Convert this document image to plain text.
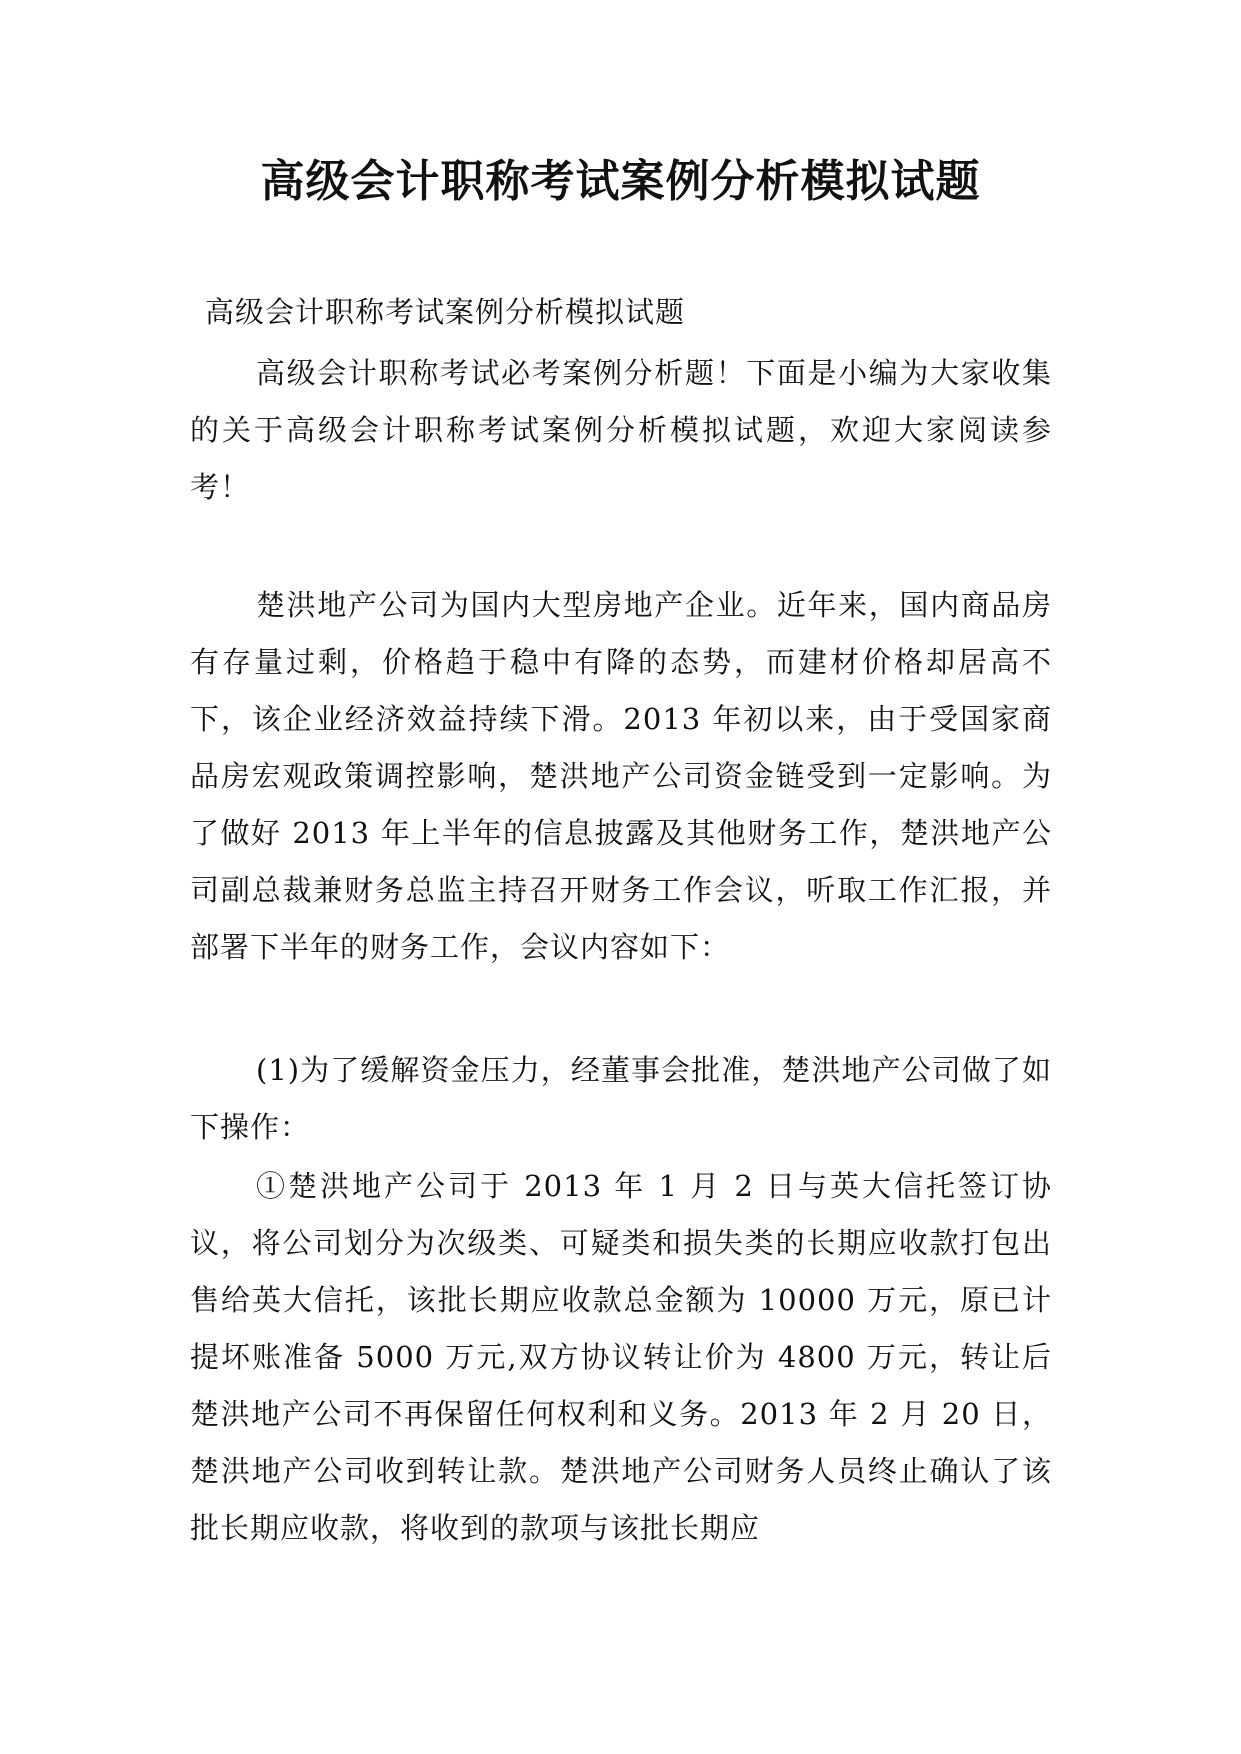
高级会计职称考试案例分析模拟试题

高级会计职称考试案例分析模拟试题

高级会计职称考试必考案例分析题！下面是小编为大家收集的关于高级会计职称考试案例分析模拟试题，欢迎大家阅读参考！

楚洪地产公司为国内大型房地产企业。近年来，国内商品房有存量过剩，价格趋于稳中有降的态势，而建材价格却居高不下，该企业经济效益持续下滑。2013 年初以来，由于受国家商品房宏观政策调控影响，楚洪地产公司资金链受到一定影响。为了做好 2013 年上半年的信息披露及其他财务工作，楚洪地产公司副总裁兼财务总监主持召开财务工作会议，听取工作汇报，并部署下半年的财务工作，会议内容如下：

(1)为了缓解资金压力，经董事会批准，楚洪地产公司做了如下操作：

①楚洪地产公司于 2013 年 1 月 2 日与英大信托签订协议，将公司划分为次级类、可疑类和损失类的长期应收款打包出售给英大信托，该批长期应收款总金额为 10000 万元，原已计提坏账准备 5000 万元,双方协议转让价为 4800 万元，转让后楚洪地产公司不再保留任何权利和义务。2013 年 2 月 20 日，楚洪地产公司收到转让款。楚洪地产公司财务人员终止确认了该批长期应收款，将收到的款项与该批长期应
